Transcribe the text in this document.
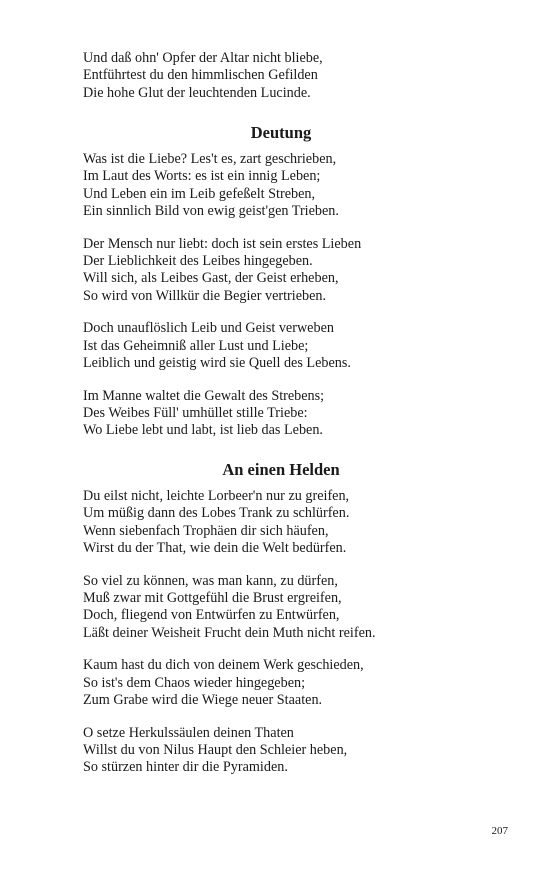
Und daß ohn' Opfer der Altar nicht bliebe,
Entführtest du den himmlischen Gefilden
Die hohe Glut der leuchtenden Lucinde.

Deutung

Was ist die Liebe? Les't es, zart geschrieben,
Im Laut des Worts: es ist ein innig Leben;
Und Leben ein im Leib gefeßelt Streben,
Ein sinnlich Bild von ewig geist'gen Trieben.

Der Mensch nur liebt: doch ist sein erstes Lieben
Der Lieblichkeit des Leibes hingegeben.
Will sich, als Leibes Gast, der Geist erheben,
So wird von Willkür die Begier vertrieben.

Doch unauflöslich Leib und Geist verweben
Ist das Geheimniß aller Lust und Liebe;
Leiblich und geistig wird sie Quell des Lebens.

Im Manne waltet die Gewalt des Strebens;
Des Weibes Füll' umhüllet stille Triebe:
Wo Liebe lebt und labt, ist lieb das Leben.

An einen Helden

Du eilst nicht, leichte Lorbeer'n nur zu greifen,
Um müßig dann des Lobes Trank zu schlürfen.
Wenn siebenfach Trophäen dir sich häufen,
Wirst du der That, wie dein die Welt bedürfen.

So viel zu können, was man kann, zu dürfen,
Muß zwar mit Gottgefühl die Brust ergreifen,
Doch, fliegend von Entwürfen zu Entwürfen,
Läßt deiner Weisheit Frucht dein Muth nicht reifen.

Kaum hast du dich von deinem Werk geschieden,
So ist's dem Chaos wieder hingegeben;
Zum Grabe wird die Wiege neuer Staaten.

O setze Herkulssäulen deinen Thaten
Willst du von Nilus Haupt den Schleier heben,
So stürzen hinter dir die Pyramiden.

207
